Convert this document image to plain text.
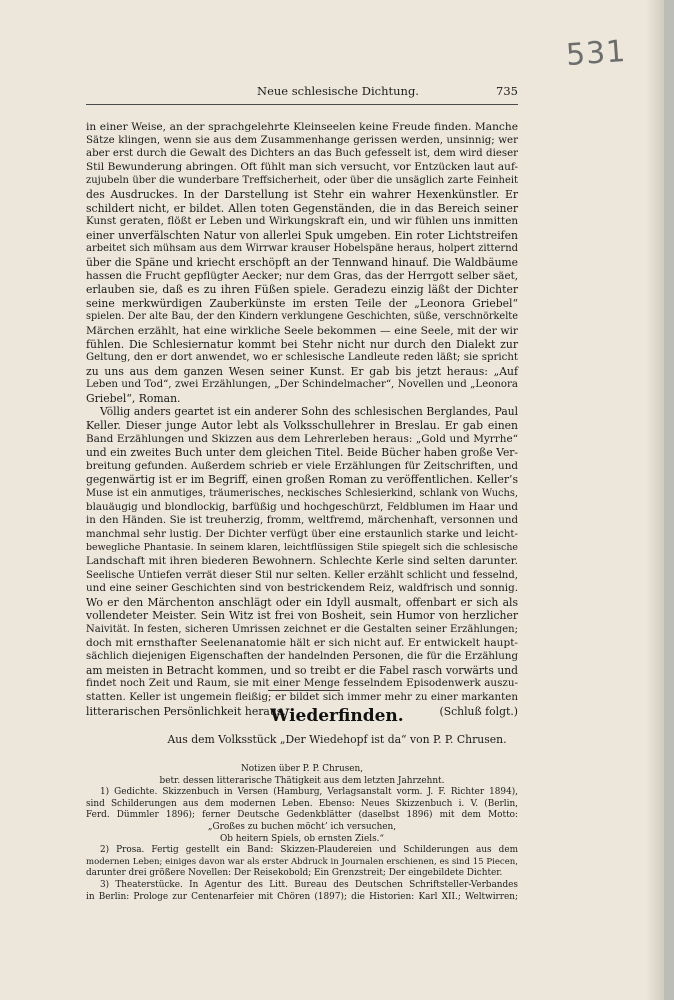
531
Neue schlesische Dichtung.	735
in einer Weise, an der sprachgelehrte Kleinseelen keine Freude finden. Manche
Sätze klingen, wenn sie aus dem Zusammenhange gerissen werden, unsinnig; wer
aber erst durch die Gewalt des Dichters an das Buch gefesselt ist, dem wird dieser
Stil Bewunderung abringen. Oft fühlt man sich versucht, vor Entzücken laut auf-
zujubeln über die wunderbare Treffsicherheit, oder über die unsäglich zarte Feinheit
des Ausdruckes. In der Darstellung ist Stehr ein wahrer Hexenkünstler. Er
schildert nicht, er bildet. Allen toten Gegenständen, die in das Bereich seiner
Kunst geraten, flößt er Leben und Wirkungskraft ein, und wir fühlen uns inmitten
einer unverfälschten Natur von allerlei Spuk umgeben. Ein roter Lichtstreifen
arbeitet sich mühsam aus dem Wirrwar krauser Hobelspäne heraus, holpert zitternd
über die Späne und kriecht erschöpft an der Tennwand hinauf. Die Waldbäume
hassen die Frucht gepflügter Aecker; nur dem Gras, das der Herrgott selber säet,
erlauben sie, daß es zu ihren Füßen spiele. Geradezu einzig läßt der Dichter
seine merkwürdigen Zauberkünste im ersten Teile der „Leonora Griebel“
spielen. Der alte Bau, der den Kindern verklungene Geschichten, süße, verschnörkelte
Märchen erzählt, hat eine wirkliche Seele bekommen — eine Seele, mit der wir
fühlen. Die Schlesiernatur kommt bei Stehr nicht nur durch den Dialekt zur
Geltung, den er dort anwendet, wo er schlesische Landleute reden läßt; sie spricht
zu uns aus dem ganzen Wesen seiner Kunst. Er gab bis jetzt heraus: „Auf
Leben und Tod“, zwei Erzählungen, „Der Schindelmacher“, Novellen und „Leonora
Griebel“, Roman.
Völlig anders geartet ist ein anderer Sohn des schlesischen Berglandes, Paul
Keller. Dieser junge Autor lebt als Volksschullehrer in Breslau. Er gab einen
Band Erzählungen und Skizzen aus dem Lehrerleben heraus: „Gold und Myrrhe“
und ein zweites Buch unter dem gleichen Titel. Beide Bücher haben große Ver-
breitung gefunden. Außerdem schrieb er viele Erzählungen für Zeitschriften, und
gegenwärtig ist er im Begriff, einen großen Roman zu veröffentlichen. Keller’s
Muse ist ein anmutiges, träumerisches, neckisches Schlesierkind, schlank von Wuchs,
blauäugig und blondlockig, barfüßig und hochgeschürzt, Feldblumen im Haar und
in den Händen. Sie ist treuherzig, fromm, weltfremd, märchenhaft, versonnen und
manchmal sehr lustig. Der Dichter verfügt über eine erstaunlich starke und leicht-
bewegliche Phantasie. In seinem klaren, leichtflüssigen Stile spiegelt sich die schlesische
Landschaft mit ihren biederen Bewohnern. Schlechte Kerle sind selten darunter.
Seelische Untiefen verrät dieser Stil nur selten. Keller erzählt schlicht und fesselnd,
und eine seiner Geschichten sind von bestrickendem Reiz, waldfrisch und sonnig.
Wo er den Märchenton anschlägt oder ein Idyll ausmalt, offenbart er sich als
vollendeter Meister. Sein Witz ist frei von Bosheit, sein Humor von herzlicher
Naivität. In festen, sicheren Umrissen zeichnet er die Gestalten seiner Erzählungen;
doch mit ernsthafter Seelenanatomie hält er sich nicht auf. Er entwickelt haupt-
sächlich diejenigen Eigenschaften der handelnden Personen, die für die Erzählung
am meisten in Betracht kommen, und so treibt er die Fabel rasch vorwärts und
findet noch Zeit und Raum, sie mit einer Menge fesselndem Episodenwerk auszu-
statten. Keller ist ungemein fleißig; er bildet sich immer mehr zu einer markanten
litterarischen Persönlichkeit heraus.	(Schluß folgt.)
Wiederfinden.
Aus dem Volksstück „Der Wiedehopf ist da“ von P. P. Chrusen.
Notizen über P. P. Chrusen,
betr. dessen litterarische Thätigkeit aus dem letzten Jahrzehnt.
1) Gedichte. Skizzenbuch in Versen (Hamburg, Verlagsanstalt vorm. J. F. Richter 1894),
sind Schilderungen aus dem modernen Leben. Ebenso: Neues Skizzenbuch i. V. (Berlin,
Ferd. Dümmler 1896); ferner Deutsche Gedenkblätter (daselbst 1896) mit dem Motto:
„Großes zu buchen möcht’ ich versuchen,
Ob heitern Spiels, ob ernsten Ziels.“
2) Prosa. Fertig gestellt ein Band: Skizzen-Plaudereien und Schilderungen aus dem
modernen Leben; einiges davon war als erster Abdruck in Journalen erschienen, es sind 15 Piecen,
darunter drei größere Novellen: Der Reisekobold; Ein Grenzstreit; Der eingebildete Dichter.
3) Theaterstücke. In Agentur des Litt. Bureau des Deutschen Schriftsteller-Verbandes
in Berlin: Prologe zur Centenarfeier mit Chören (1897); die Historien: Karl XII.; Weltwirren;
